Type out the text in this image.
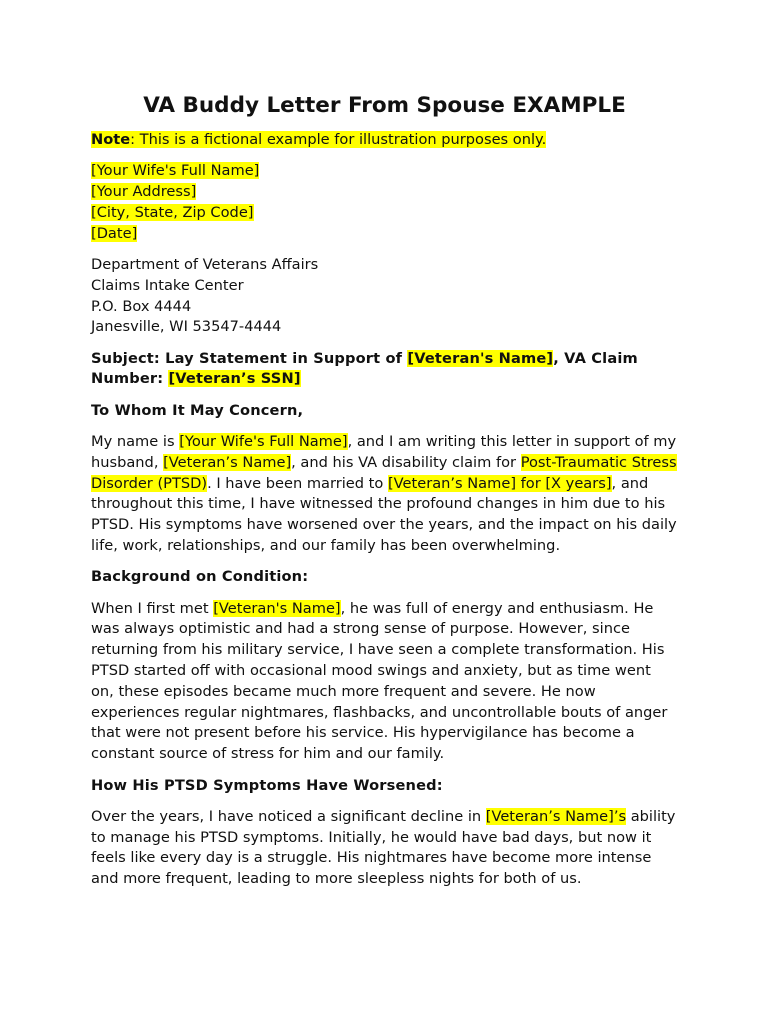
VA Buddy Letter From Spouse EXAMPLE

Note: This is a fictional example for illustration purposes only.

[Your Wife's Full Name]
[Your Address]
[City, State, Zip Code]
[Date]

Department of Veterans Affairs
Claims Intake Center
P.O. Box 4444
Janesville, WI 53547-4444

Subject: Lay Statement in Support of [Veteran's Name], VA Claim Number: [Veteran’s SSN]

To Whom It May Concern,

My name is [Your Wife's Full Name], and I am writing this letter in support of my husband, [Veteran’s Name], and his VA disability claim for Post-Traumatic Stress Disorder (PTSD). I have been married to [Veteran’s Name] for [X years], and throughout this time, I have witnessed the profound changes in him due to his PTSD. His symptoms have worsened over the years, and the impact on his daily life, work, relationships, and our family has been overwhelming.

Background on Condition:

When I first met [Veteran's Name], he was full of energy and enthusiasm. He was always optimistic and had a strong sense of purpose. However, since returning from his military service, I have seen a complete transformation. His PTSD started off with occasional mood swings and anxiety, but as time went on, these episodes became much more frequent and severe. He now experiences regular nightmares, flashbacks, and uncontrollable bouts of anger that were not present before his service. His hypervigilance has become a constant source of stress for him and our family.

How His PTSD Symptoms Have Worsened:

Over the years, I have noticed a significant decline in [Veteran’s Name]’s ability to manage his PTSD symptoms. Initially, he would have bad days, but now it feels like every day is a struggle. His nightmares have become more intense and more frequent, leading to more sleepless nights for both of us.
